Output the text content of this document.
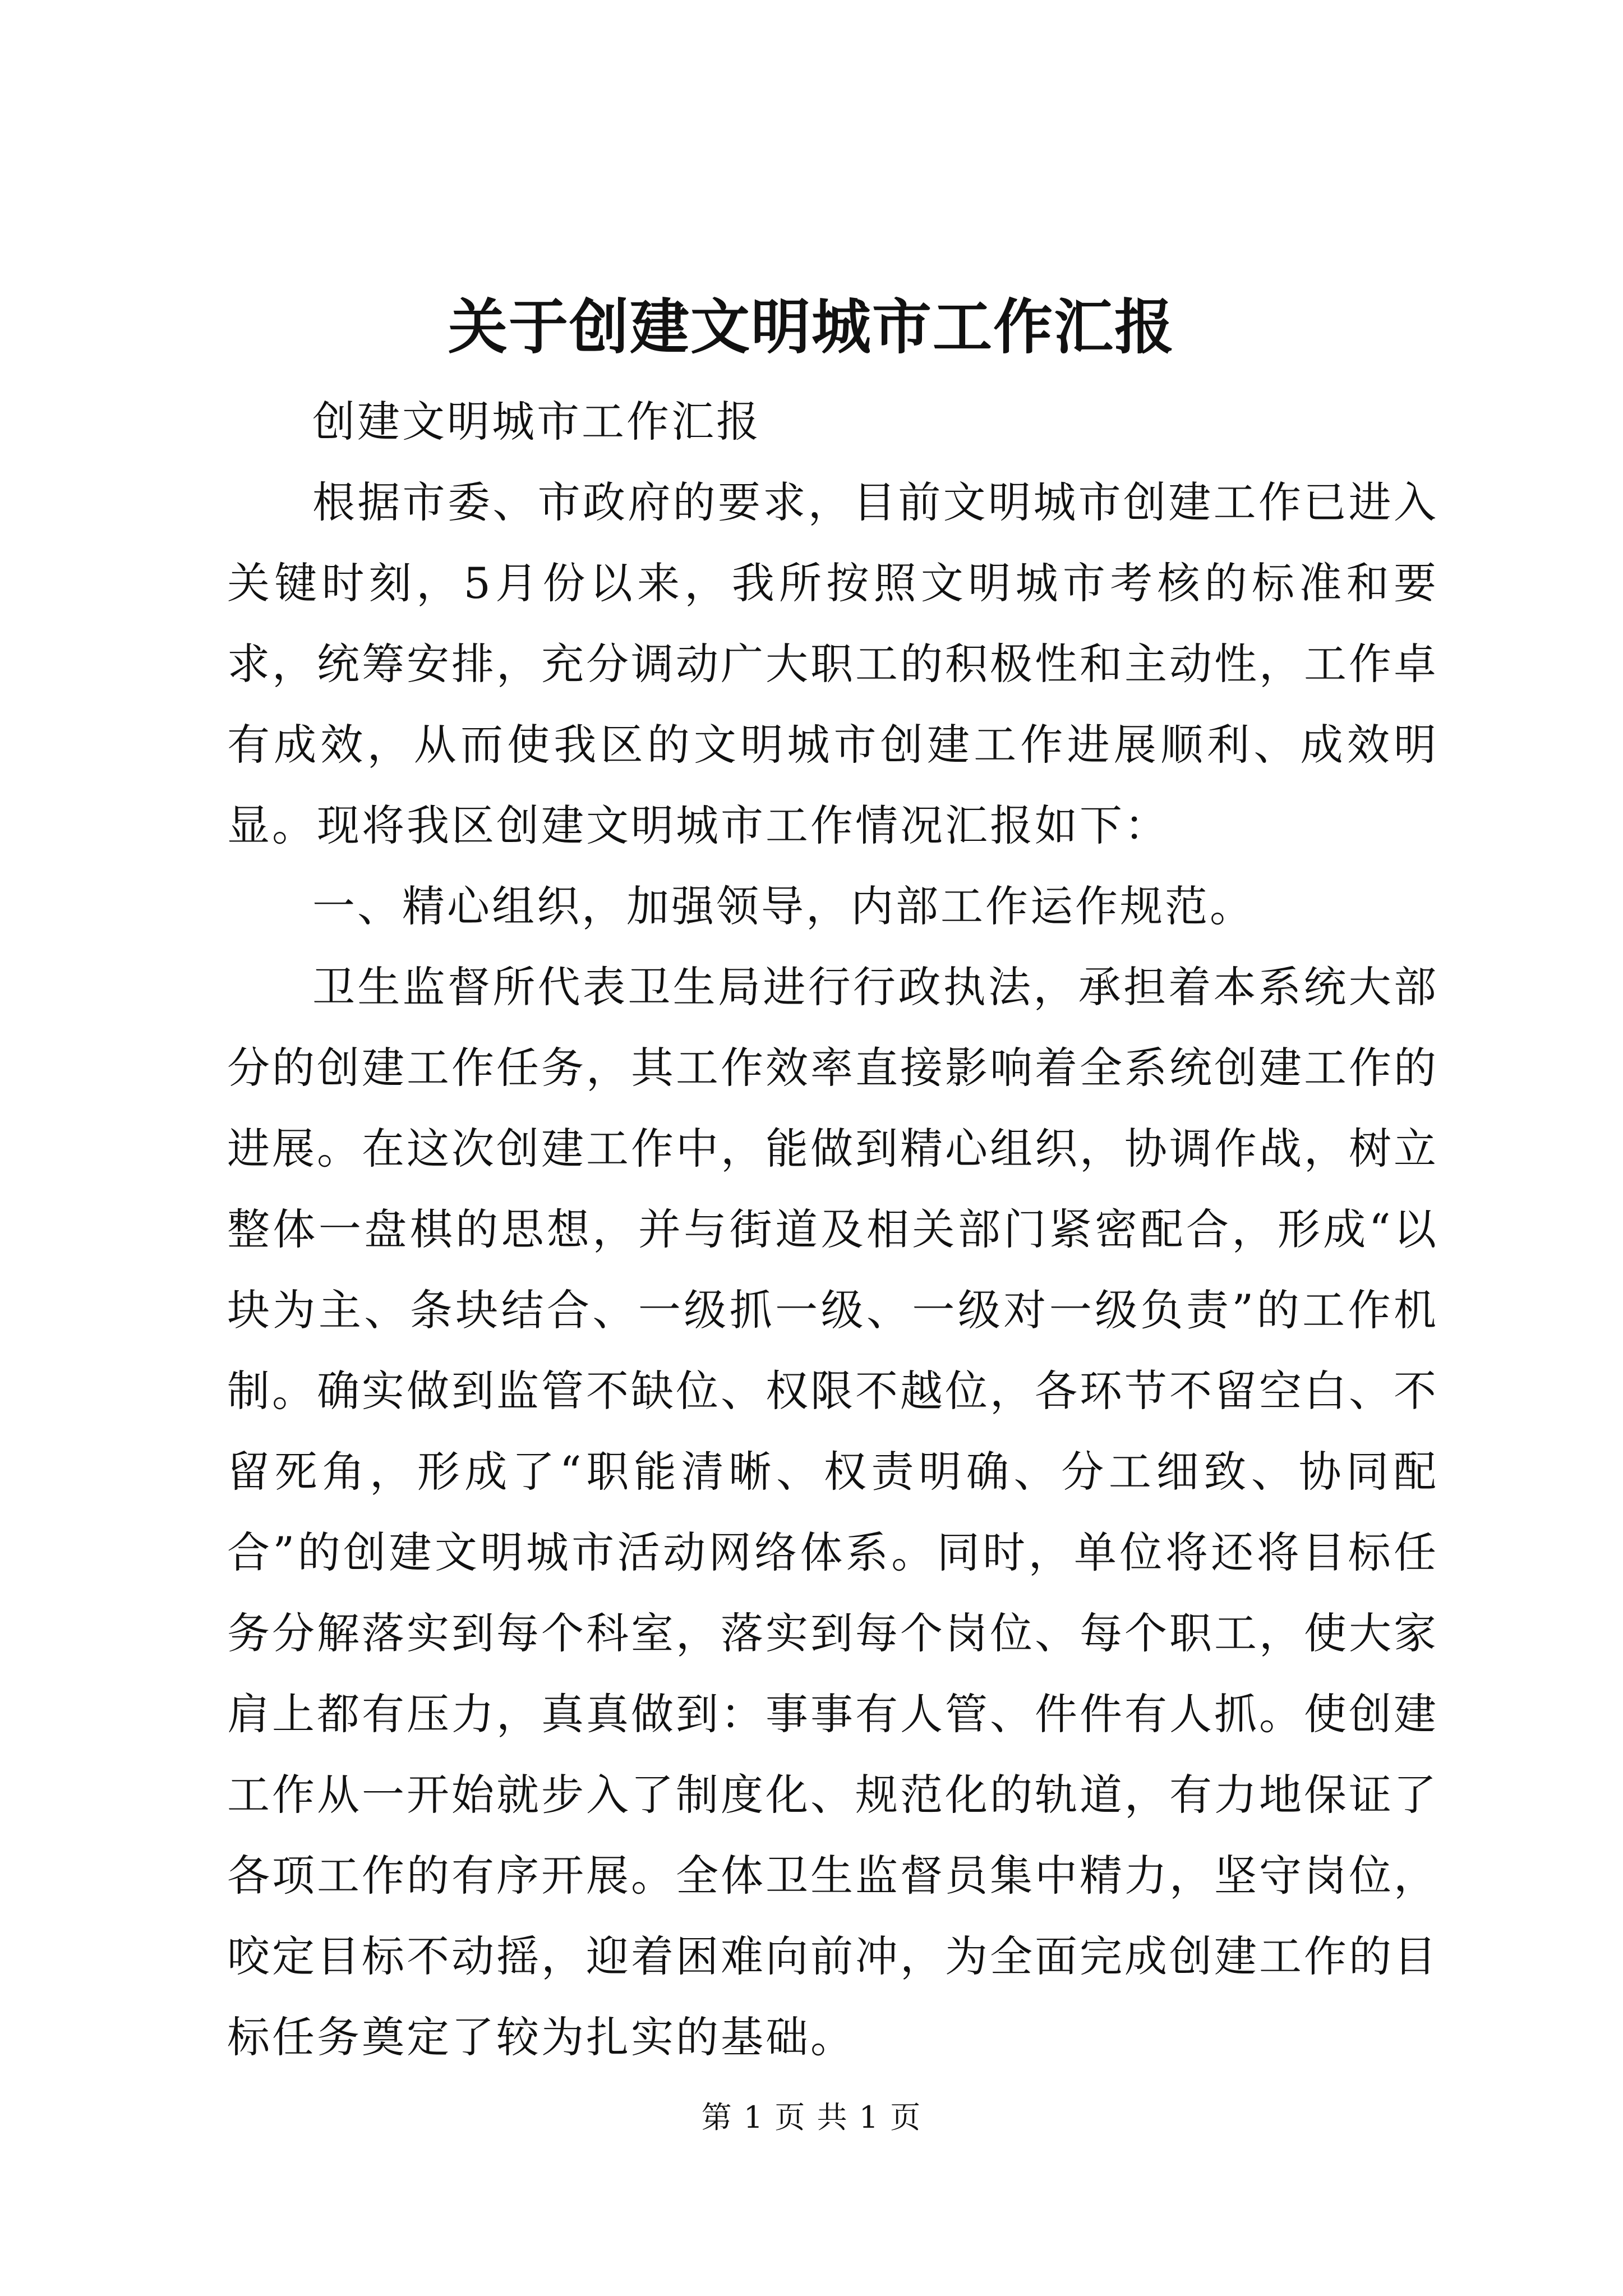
关于创建文明城市工作汇报

创建文明城市工作汇报

根据市委、市政府的要求，目前文明城市创建工作已进入关键时刻，5月份以来，我所按照文明城市考核的标准和要求，统筹安排，充分调动广大职工的积极性和主动性，工作卓有成效，从而使我区的文明城市创建工作进展顺利、成效明显。现将我区创建文明城市工作情况汇报如下：

一、精心组织，加强领导，内部工作运作规范。

卫生监督所代表卫生局进行行政执法，承担着本系统大部分的创建工作任务，其工作效率直接影响着全系统创建工作的进展。在这次创建工作中，能做到精心组织，协调作战，树立整体一盘棋的思想，并与街道及相关部门紧密配合，形成“以块为主、条块结合、一级抓一级、一级对一级负责”的工作机制。确实做到监管不缺位、权限不越位，各环节不留空白、不留死角，形成了“职能清晰、权责明确、分工细致、协同配合”的创建文明城市活动网络体系。同时，单位将还将目标任务分解落实到每个科室，落实到每个岗位、每个职工，使大家肩上都有压力，真真做到：事事有人管、件件有人抓。使创建工作从一开始就步入了制度化、规范化的轨道，有力地保证了各项工作的有序开展。全体卫生监督员集中精力，坚守岗位，咬定目标不动摇，迎着困难向前冲，为全面完成创建工作的目标任务奠定了较为扎实的基础。

第 1 页 共 1 页
